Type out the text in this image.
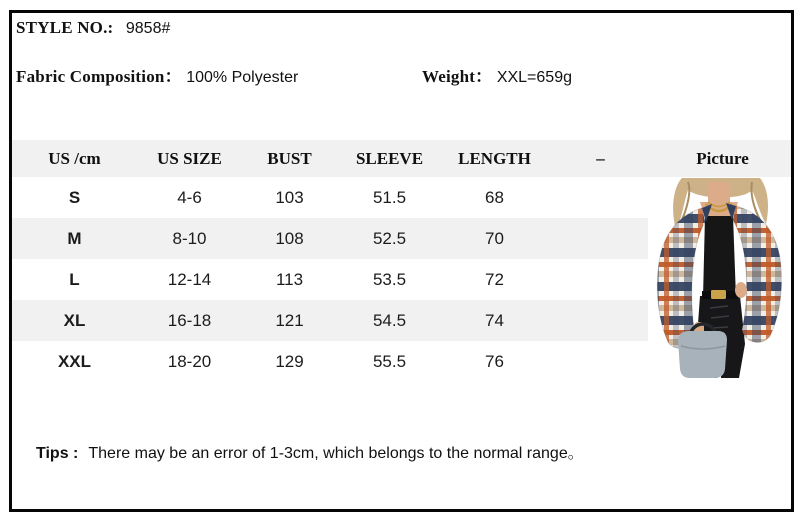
STYLE NO.: 9858#
Fabric Composition： 100% Polyester	Weight： XXL=659g
US /cm	US SIZE	BUST	SLEEVE	LENGTH	–	Picture
S	4-6	103	51.5	68
M	8-10	108	52.5	70
L	12-14	113	53.5	72
XL	16-18	121	54.5	74
XXL	18-20	129	55.5	76
Tips : There may be an error of 1-3cm, which belongs to the normal range。
